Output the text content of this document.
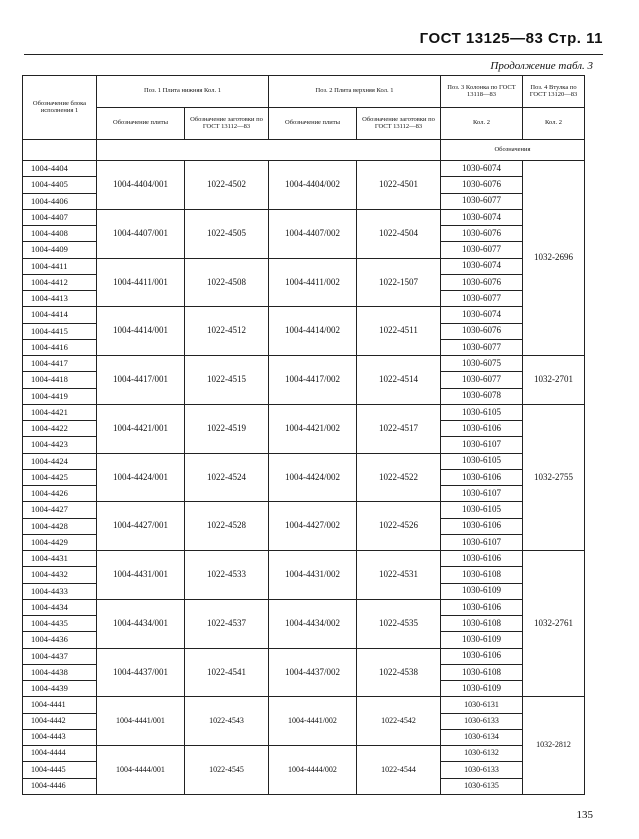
ГОСТ 13125—83 Стр. 11
Продолжение табл. 3
Обозначение блока исполнения 1	Поз. 1 Плита нижняя Кол. 1		Поз. 2 Плита верхняя Кол. 1		Поз. 3 Колонка по ГОСТ 13118—83	Поз. 4 Втулка по ГОСТ 13120—83
	Обозначение плиты	Обозначение заготовки по ГОСТ 13112—83	Обозначение плиты	Обозначение заготовки по ГОСТ 13112—83	Кол. 2	Кол. 2
					Обозначения	
1004-4404	1004-4404/001	1022-4502	1004-4404/002	1022-4501	1030-6074	1032-2696
1004-4405					1030-6076	
1004-4406					1030-6077	
1004-4407	1004-4407/001	1022-4505	1004-4407/002	1022-4504	1030-6074	
1004-4408					1030-6076	
1004-4409					1030-6077	
1004-4411	1004-4411/001	1022-4508	1004-4411/002	1022-1507	1030-6074	
1004-4412					1030-6076	
1004-4413					1030-6077	
1004-4414	1004-4414/001	1022-4512	1004-4414/002	1022-4511	1030-6074	
1004-4415					1030-6076	
1004-4416					1030-6077	
1004-4417	1004-4417/001	1022-4515	1004-4417/002	1022-4514	1030-6075	1032-2701
1004-4418					1030-6077	
1004-4419					1030-6078	
1004-4421	1004-4421/001	1022-4519	1004-4421/002	1022-4517	1030-6105	1032-2755
1004-4422					1030-6106	
1004-4423					1030-6107	
1004-4424	1004-4424/001	1022-4524	1004-4424/002	1022-4522	1030-6105	
1004-4425					1030-6106	
1004-4426					1030-6107	
1004-4427	1004-4427/001	1022-4528	1004-4427/002	1022-4526	1030-6105	
1004-4428					1030-6106	
1004-4429					1030-6107	
1004-4431	1004-4431/001	1022-4533	1004-4431/002	1022-4531	1030-6106	1032-2761
1004-4432					1030-6108	
1004-4433					1030-6109	
1004-4434	1004-4434/001	1022-4537	1004-4434/002	1022-4535	1030-6106	
1004-4435					1030-6108	
1004-4436					1030-6109	
1004-4437	1004-4437/001	1022-4541	1004-4437/002	1022-4538	1030-6106	
1004-4438					1030-6108	
1004-4439					1030-6109	
1004-4441	1004-4441/001	1022-4543	1004-4441/002	1022-4542	1030-6131	1032-2812
1004-4442					1030-6133	
1004-4443					1030-6134	
1004-4444	1004-4444/001	1022-4545	1004-4444/002	1022-4544	1030-6132	
1004-4445					1030-6133	
1004-4446					1030-6135	
135
